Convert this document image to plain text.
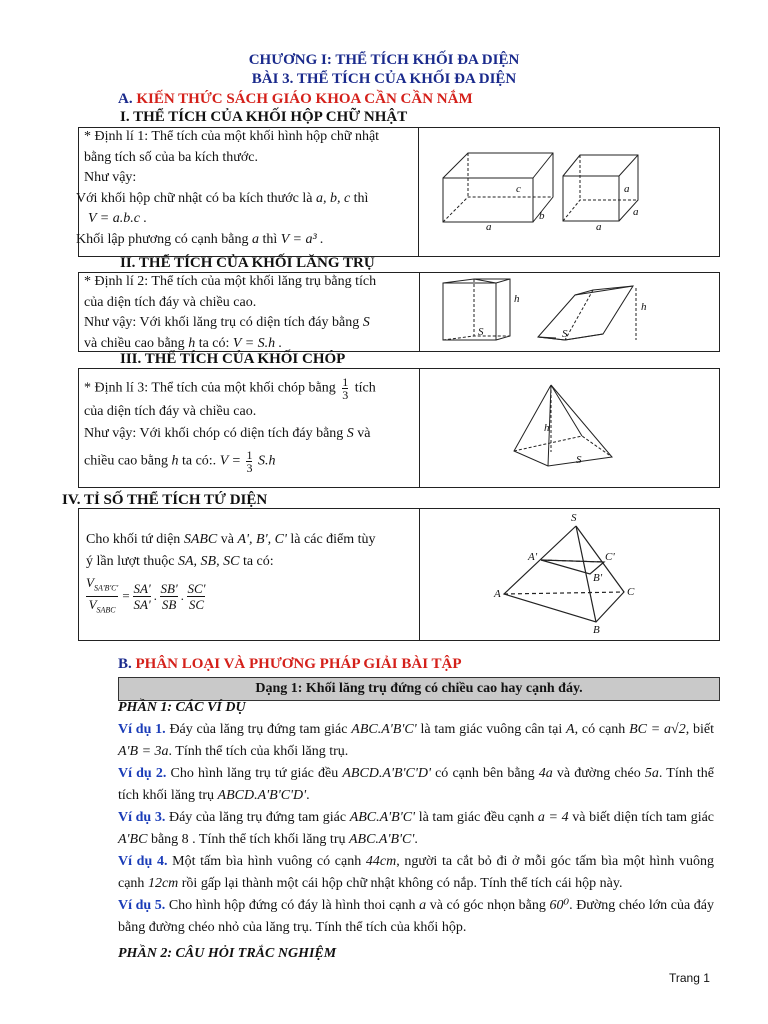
CHƯƠNG I: THỂ TÍCH KHỐI ĐA DIỆN
BÀI 3. THỂ TÍCH CỦA KHỐI ĐA DIỆN
A. KIẾN THỨC SÁCH GIÁO KHOA CẦN CẦN NẮM
I. THỂ TÍCH CỦA KHỐI HỘP CHỮ NHẬT
* Định lí 1: Thể tích của một khối hình hộp chữ nhật
bằng tích số của ba kích thước.
Như vậy:
Với khối hộp chữ nhật có ba kích thước là a, b, c thì
V = a.b.c .
Khối lập phương có cạnh bằng a thì V = a³ .
c
a
b
a
a
a
II. THỂ TÍCH CỦA KHỐI LĂNG TRỤ
* Định lí 2: Thể tích của một khối lăng trụ bằng tích
của diện tích đáy và chiều cao.
Như vậy: Với khối lăng trụ có diện tích đáy bằng S
và chiều cao bằng h ta có: V = S.h .
h
S
h
S
III. THỂ TÍCH CỦA KHỐI CHÓP
* Định lí 3: Thể tích của một khối chóp bằng $\frac{1}{3}$ tích
của diện tích đáy và chiều cao.
Như vậy: Với khối chóp có diện tích đáy bằng S và
chiều cao bằng h ta có:. $V = \frac{1}{3} S.h$
h
S
IV. TỈ SỐ THỂ TÍCH TỨ DIỆN
Cho khối tứ diện SABC và A', B', C' là các điểm tùy
ý lần lượt thuộc SA, SB, SC ta có:
$V_{SA'B'C'}$
$V_{SABC}$
= $\frac{SA'}{SA'}$ . $\frac{SB'}{SB}$ . $\frac{SC'}{SC}$
S
A'	C'
B'
A	C
B
B. PHÂN LOẠI VÀ PHƯƠNG PHÁP GIẢI BÀI TẬP
Dạng 1: Khối lăng trụ đứng có chiều cao hay cạnh đáy.
PHẦN 1: CÁC VÍ DỤ
Ví dụ 1. Đáy của lăng trụ đứng tam giác ABC.A'B'C' là tam giác vuông cân tại A, có cạnh BC = a√2, biết A'B = 3a. Tính thể tích của khối lăng trụ.
Ví dụ 2. Cho hình lăng trụ tứ giác đều ABCD.A'B'C'D' có cạnh bên bằng 4a và đường chéo 5a. Tính thể tích khối lăng trụ ABCD.A'B'C'D'.
Ví dụ 3. Đáy của lăng trụ đứng tam giác ABC.A'B'C' là tam giác đều cạnh a = 4 và biết diện tích tam giác A'BC bằng 8 . Tính thể tích khối lăng trụ ABC.A'B'C'.
Ví dụ 4. Một tấm bìa hình vuông có cạnh 44cm, người ta cắt bỏ đi ở mỗi góc tấm bìa một hình vuông cạnh 12cm rồi gấp lại thành một cái hộp chữ nhật không có nắp. Tính thể tích cái hộp này.
Ví dụ 5. Cho hình hộp đứng có đáy là hình thoi cạnh a và có góc nhọn bằng 60⁰. Đường chéo lớn của đáy bằng đường chéo nhỏ của lăng trụ. Tính thể tích của khối hộp.
PHẦN 2: CÂU HỎI TRẮC NGHIỆM
Trang 1
